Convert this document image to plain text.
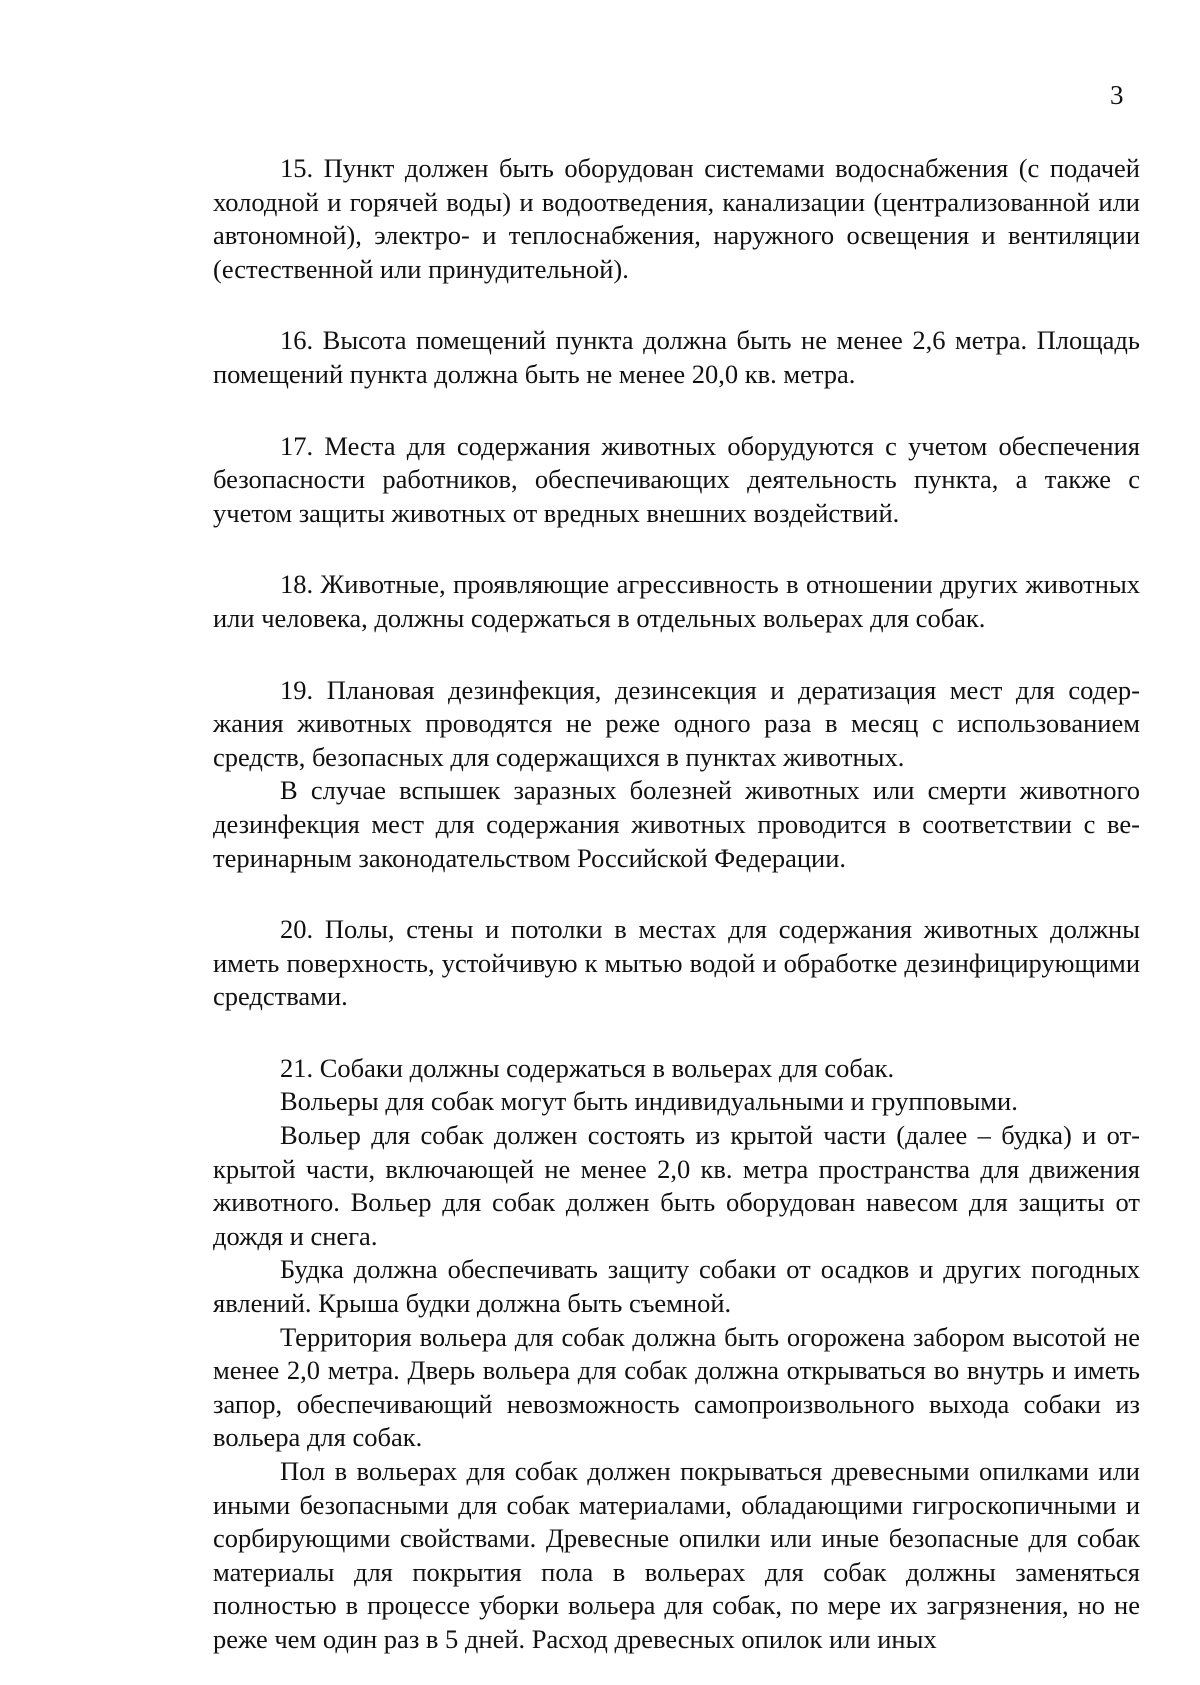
3

15. Пункт должен быть оборудован системами водоснабжения (с подачей холодной и горячей воды) и водоотведения, канализации (централизованной или автономной), электро- и теплоснабжения, наружного освещения и вентиляции (естественной или принудительной).

16. Высота помещений пункта должна быть не менее 2,6 метра. Площадь помещений пункта должна быть не менее 20,0 кв. метра.

17. Места для содержания животных оборудуются с учетом обеспечения безопасности работников, обеспечивающих деятельность пункта, а также с учетом защиты животных от вредных внешних воздействий.

18. Животные, проявляющие агрессивность в отношении других животных или человека, должны содержаться в отдельных вольерах для собак.

19. Плановая дезинфекция, дезинсекция и дератизация мест для содержания животных проводятся не реже одного раза в месяц с использованием средств, безопасных для содержащихся в пунктах животных.

В случае вспышек заразных болезней животных или смерти животного дезинфекция мест для содержания животных проводится в соответствии с ветеринарным законодательством Российской Федерации.

20. Полы, стены и потолки в местах для содержания животных должны иметь поверхность, устойчивую к мытью водой и обработке дезинфицирующими средствами.

21. Собаки должны содержаться в вольерах для собак.

Вольеры для собак могут быть индивидуальными и групповыми.

Вольер для собак должен состоять из крытой части (далее – будка) и открытой части, включающей не менее 2,0 кв. метра пространства для движения животного. Вольер для собак должен быть оборудован навесом для защиты от дождя и снега.

Будка должна обеспечивать защиту собаки от осадков и других погодных явлений. Крыша будки должна быть съемной.

Территория вольера для собак должна быть огорожена забором высотой не менее 2,0 метра. Дверь вольера для собак должна открываться во внутрь и иметь запор, обеспечивающий невозможность самопроизвольного выхода собаки из вольера для собак.

Пол в вольерах для собак должен покрываться древесными опилками или иными безопасными для собак материалами, обладающими гигроскопичными и сорбирующими свойствами. Древесные опилки или иные безопасные для собак материалы для покрытия пола в вольерах для собак должны заменяться полностью в процессе уборки вольера для собак, по мере их загрязнения, но не реже чем один раз в 5 дней. Расход древесных опилок или иных
